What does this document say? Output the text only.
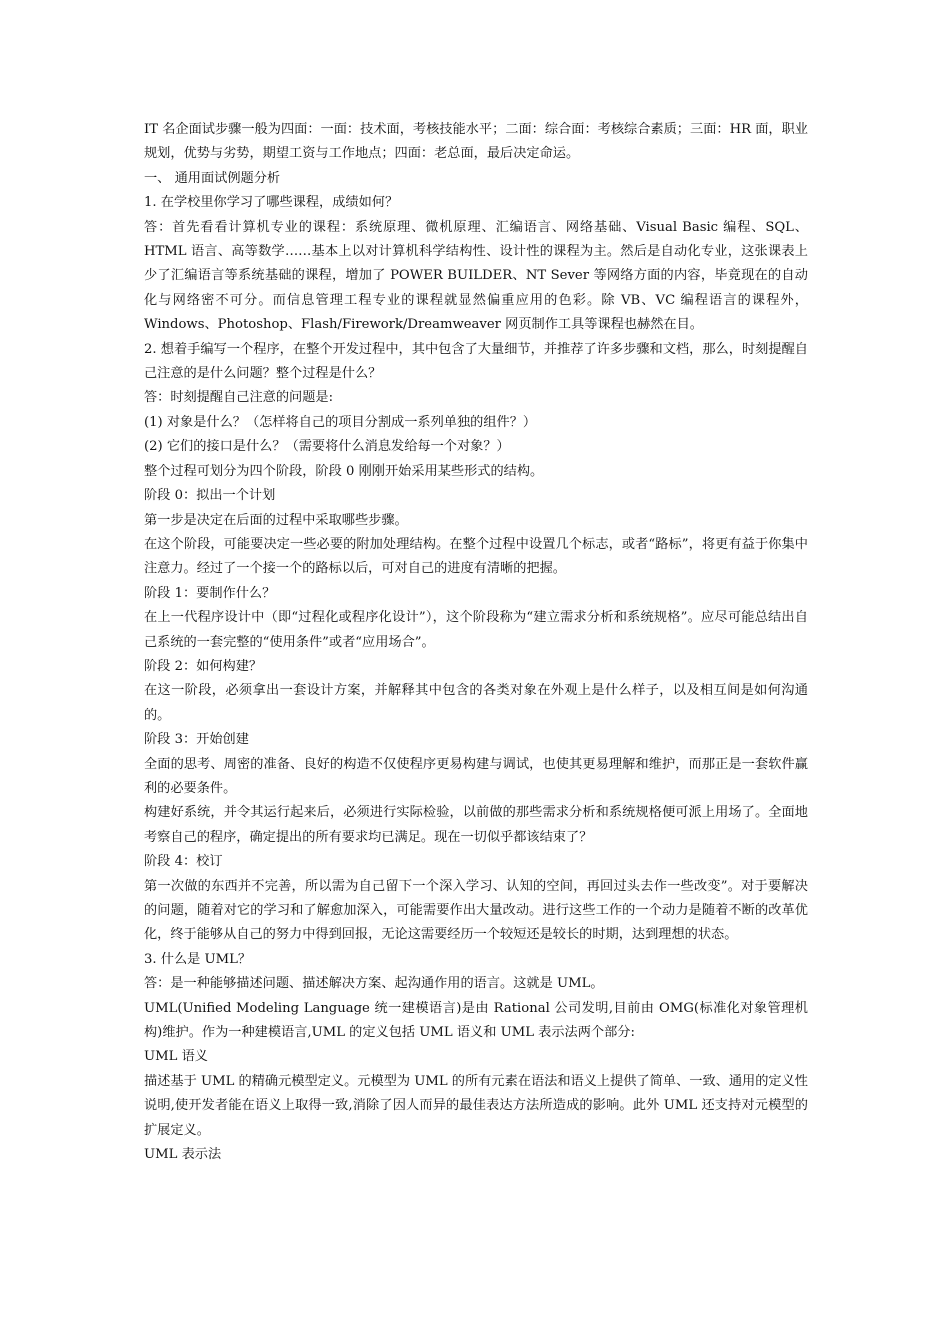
IT 名企面试步骤一般为四面：一面：技术面，考核技能水平；二面：综合面：考核综合素质；三面：HR 面，职业规划，优势与劣势，期望工资与工作地点；四面：老总面，最后决定命运。

一、 通用面试例题分析

1. 在学校里你学习了哪些课程，成绩如何？

答：首先看看计算机专业的课程：系统原理、微机原理、汇编语言、网络基础、Visual Basic 编程、SQL、HTML 语言、高等数学……基本上以对计算机科学结构性、设计性的课程为主。然后是自动化专业，这张课表上少了汇编语言等系统基础的课程，增加了 POWER BUILDER、NT Sever 等网络方面的内容，毕竟现在的自动化与网络密不可分。而信息管理工程专业的课程就显然偏重应用的色彩。除 VB、VC 编程语言的课程外，Windows、Photoshop、Flash/Firework/Dreamweaver 网页制作工具等课程也赫然在目。

2. 想着手编写一个程序，在整个开发过程中，其中包含了大量细节，并推荐了许多步骤和文档，那么，时刻提醒自己注意的是什么问题？整个过程是什么？

答：时刻提醒自己注意的问题是:

(1) 对象是什么？（怎样将自己的项目分割成一系列单独的组件？）

(2) 它们的接口是什么？（需要将什么消息发给每一个对象？）

整个过程可划分为四个阶段，阶段 0 刚刚开始采用某些形式的结构。

阶段 0：拟出一个计划

第一步是决定在后面的过程中采取哪些步骤。

在这个阶段，可能要决定一些必要的附加处理结构。在整个过程中设置几个标志，或者“路标”，将更有益于你集中注意力。经过了一个接一个的路标以后，可对自己的进度有清晰的把握。

阶段 1：要制作什么？

在上一代程序设计中（即“过程化或程序化设计”），这个阶段称为“建立需求分析和系统规格”。应尽可能总结出自己系统的一套完整的“使用条件”或者“应用场合”。

阶段 2：如何构建？

在这一阶段，必须拿出一套设计方案，并解释其中包含的各类对象在外观上是什么样子，以及相互间是如何沟通的。

阶段 3：开始创建

全面的思考、周密的准备、良好的构造不仅使程序更易构建与调试，也使其更易理解和维护，而那正是一套软件赢利的必要条件。

构建好系统，并令其运行起来后，必须进行实际检验，以前做的那些需求分析和系统规格便可派上用场了。全面地考察自己的程序，确定提出的所有要求均已满足。现在一切似乎都该结束了？

阶段 4：校订

第一次做的东西并不完善，所以需为自己留下一个深入学习、认知的空间，再回过头去作一些改变”。对于要解决的问题，随着对它的学习和了解愈加深入，可能需要作出大量改动。进行这些工作的一个动力是随着不断的改革优化，终于能够从自己的努力中得到回报，无论这需要经历一个较短还是较长的时期，达到理想的状态。

3. 什么是 UML？

答：是一种能够描述问题、描述解决方案、起沟通作用的语言。这就是 UML。

UML(Unified Modeling Language 统一建模语言)是由 Rational 公司发明,目前由 OMG(标准化对象管理机构)维护。作为一种建模语言,UML 的定义包括 UML 语义和 UML 表示法两个部分:

UML 语义

描述基于 UML 的精确元模型定义。元模型为 UML 的所有元素在语法和语义上提供了简单、一致、通用的定义性说明,使开发者能在语义上取得一致,消除了因人而异的最佳表达方法所造成的影响。此外 UML 还支持对元模型的扩展定义。

UML 表示法
